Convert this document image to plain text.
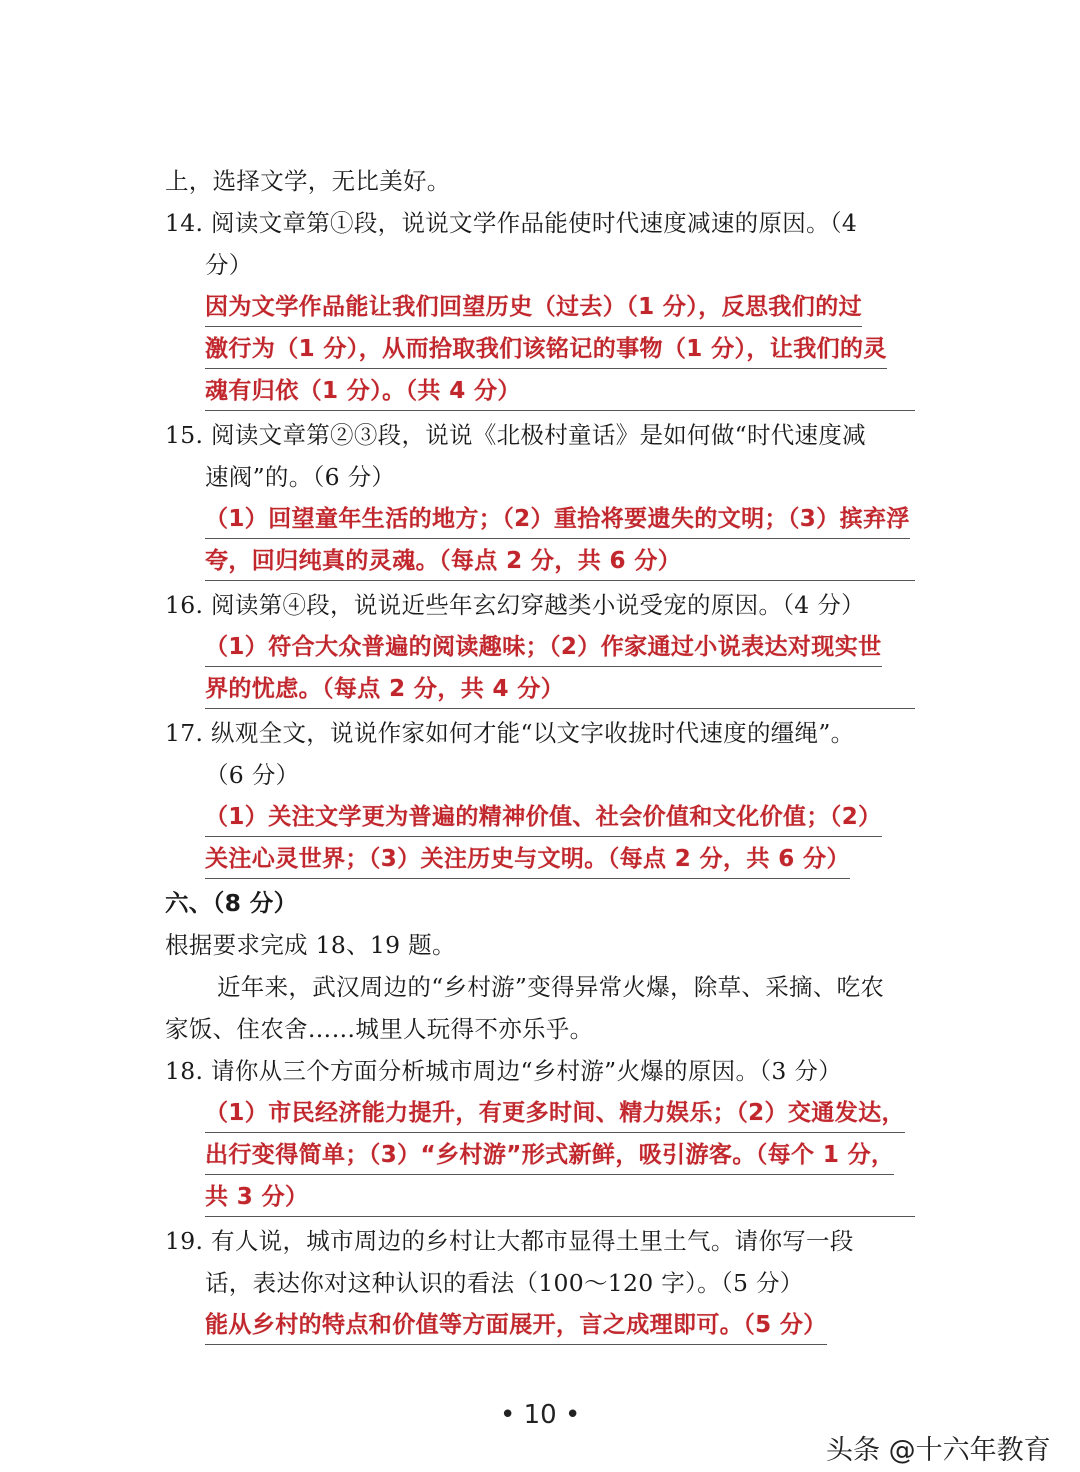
上，选择文学，无比美好。
14. 阅读文章第①段，说说文学作品能使时代速度减速的原因。（4
分）
因为文学作品能让我们回望历史（过去）（1 分），反思我们的过
激行为（1 分），从而拾取我们该铭记的事物（1 分），让我们的灵
魂有归依（1 分）。（共 4 分）
15. 阅读文章第②③段，说说《北极村童话》是如何做“时代速度减
速阀”的。（6 分）
（1）回望童年生活的地方；（2）重拾将要遗失的文明；（3）摈弃浮
夸，回归纯真的灵魂。（每点 2 分，共 6 分）
16. 阅读第④段，说说近些年玄幻穿越类小说受宠的原因。（4 分）
（1）符合大众普遍的阅读趣味；（2）作家通过小说表达对现实世
界的忧虑。（每点 2 分，共 4 分）
17. 纵观全文，说说作家如何才能“以文字收拢时代速度的缰绳”。
（6 分）
（1）关注文学更为普遍的精神价值、社会价值和文化价值；（2）
关注心灵世界；（3）关注历史与文明。（每点 2 分，共 6 分）
六、（8 分）
根据要求完成 18、19 题。
近年来，武汉周边的“乡村游”变得异常火爆，除草、采摘、吃农
家饭、住农舍……城里人玩得不亦乐乎。
18. 请你从三个方面分析城市周边“乡村游”火爆的原因。（3 分）
（1）市民经济能力提升，有更多时间、精力娱乐；（2）交通发达，
出行变得简单；（3）“乡村游”形式新鲜，吸引游客。（每个 1 分，
共 3 分）
19. 有人说，城市周边的乡村让大都市显得土里土气。请你写一段
话，表达你对这种认识的看法（100～120 字）。（5 分）
能从乡村的特点和价值等方面展开，言之成理即可。（5 分）
• 10 •
头条 @十六年教育
